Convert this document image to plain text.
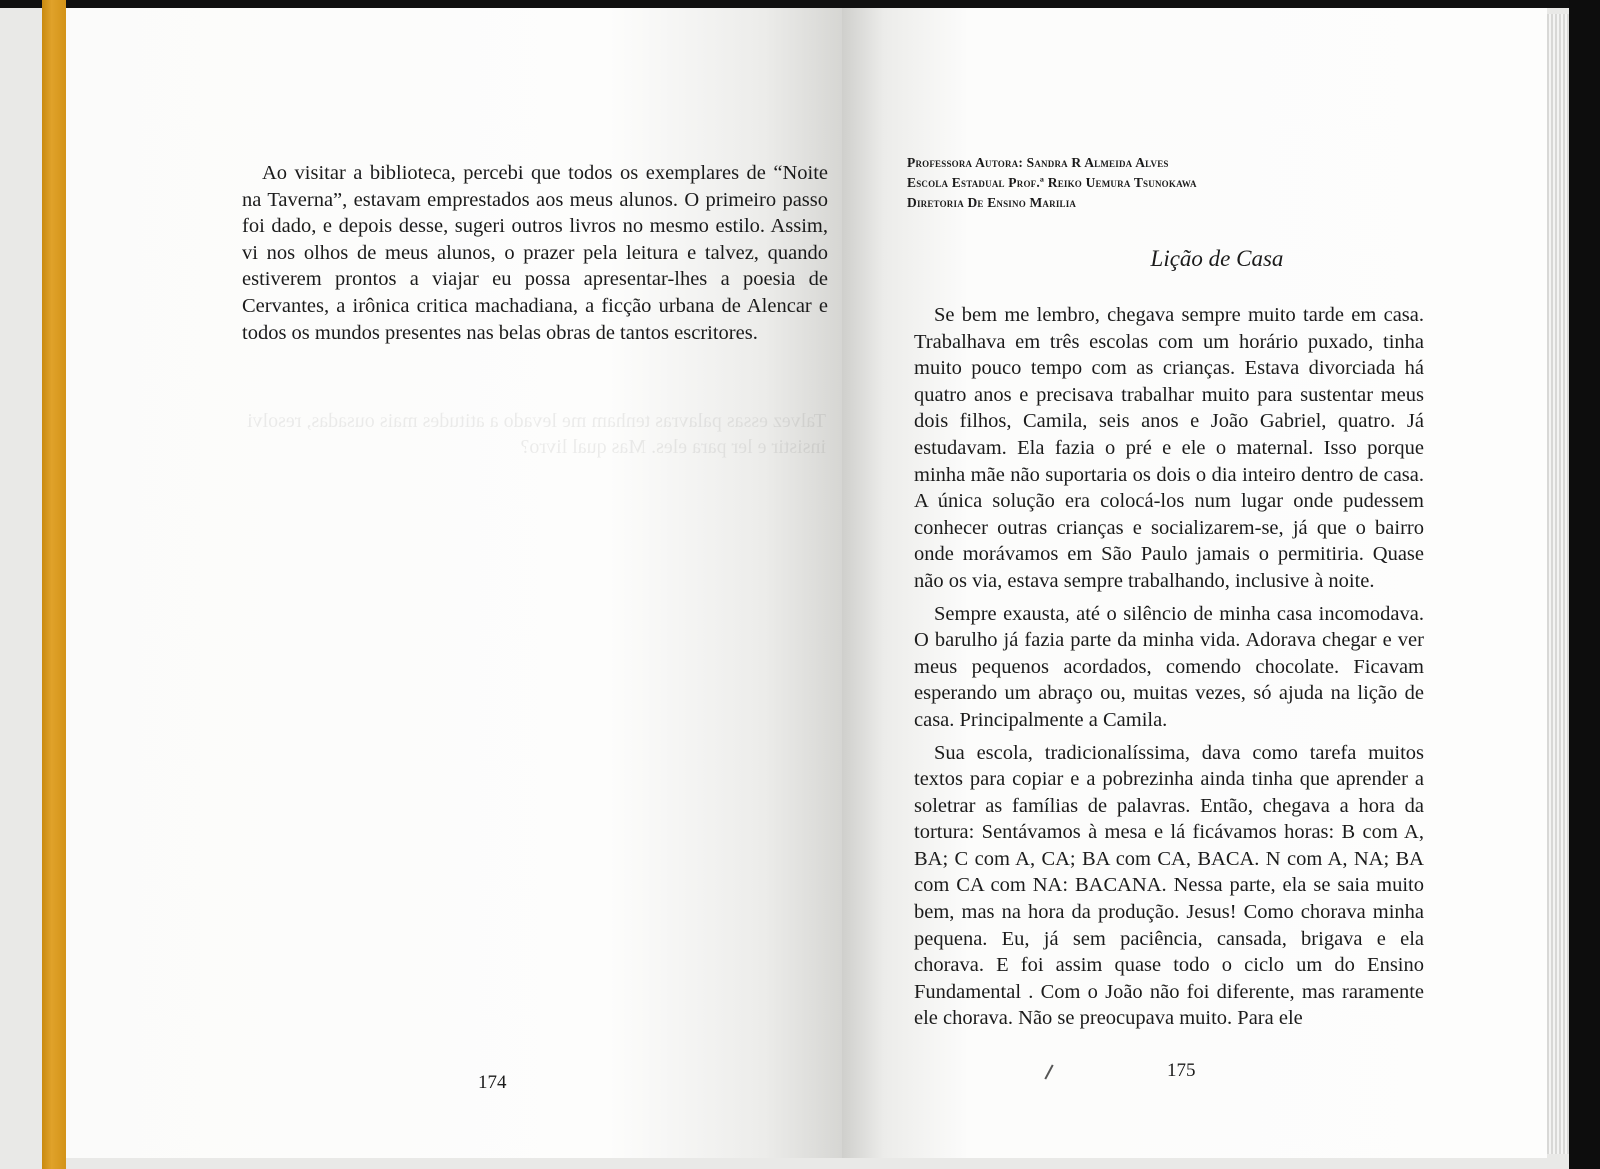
Talvez essas palavras tenham me levado a atitudes mais ousadas, resolvi insistir e ler para eles. Mas qual livro?

Ao visitar a biblioteca, percebi que todos os exemplares de “Noite na Taverna”, estavam emprestados aos meus alunos. O primeiro passo foi dado, e depois desse, sugeri outros livros no mesmo estilo. Assim, vi nos olhos de meus alunos, o prazer pela leitura e talvez, quando estiverem prontos a viajar eu possa apresentar-lhes a poesia de Cervantes, a irônica critica machadiana, a ficção urbana de Alencar e todos os mundos presentes nas belas obras de tantos escritores.

174
Professora Autora: Sandra R Almeida Alves
Escola Estadual Prof.ª Reiko Uemura Tsunokawa
Diretoria De Ensino Marilia
Lição de Casa

Se bem me lembro, chegava sempre muito tarde em casa. Trabalhava em três escolas com um horário puxado, tinha muito pouco tempo com as crianças. Estava divorciada há quatro anos e precisava trabalhar muito para sustentar meus dois filhos, Camila, seis anos e João Gabriel, quatro. Já estudavam. Ela fazia o pré e ele o maternal. Isso porque minha mãe não suportaria os dois o dia inteiro dentro de casa. A única solução era colocá-los num lugar onde pudessem conhecer outras crianças e socializarem-se, já que o bairro onde morávamos em São Paulo jamais o permitiria. Quase não os via, estava sempre trabalhando, inclusive à noite.

Sempre exausta, até o silêncio de minha casa incomodava. O barulho já fazia parte da minha vida. Adorava chegar e ver meus pequenos acordados, comendo chocolate. Ficavam esperando um abraço ou, muitas vezes, só ajuda na lição de casa. Principalmente a Camila.

Sua escola, tradicionalíssima, dava como tarefa muitos textos para copiar e a pobrezinha ainda tinha que aprender a soletrar as famílias de palavras. Então, chegava a hora da tortura: Sentávamos à mesa e lá ficávamos horas: B com A, BA; C com A, CA; BA com CA, BACA. N com A, NA; BA com CA com NA: BACANA. Nessa parte, ela se saia muito bem, mas na hora da produção. Jesus! Como chorava minha pequena. Eu, já sem paciência, cansada, brigava e ela chorava. E foi assim quase todo o ciclo um do Ensino Fundamental . Com o João não foi diferente, mas raramente ele chorava. Não se preocupava muito. Para ele

175
